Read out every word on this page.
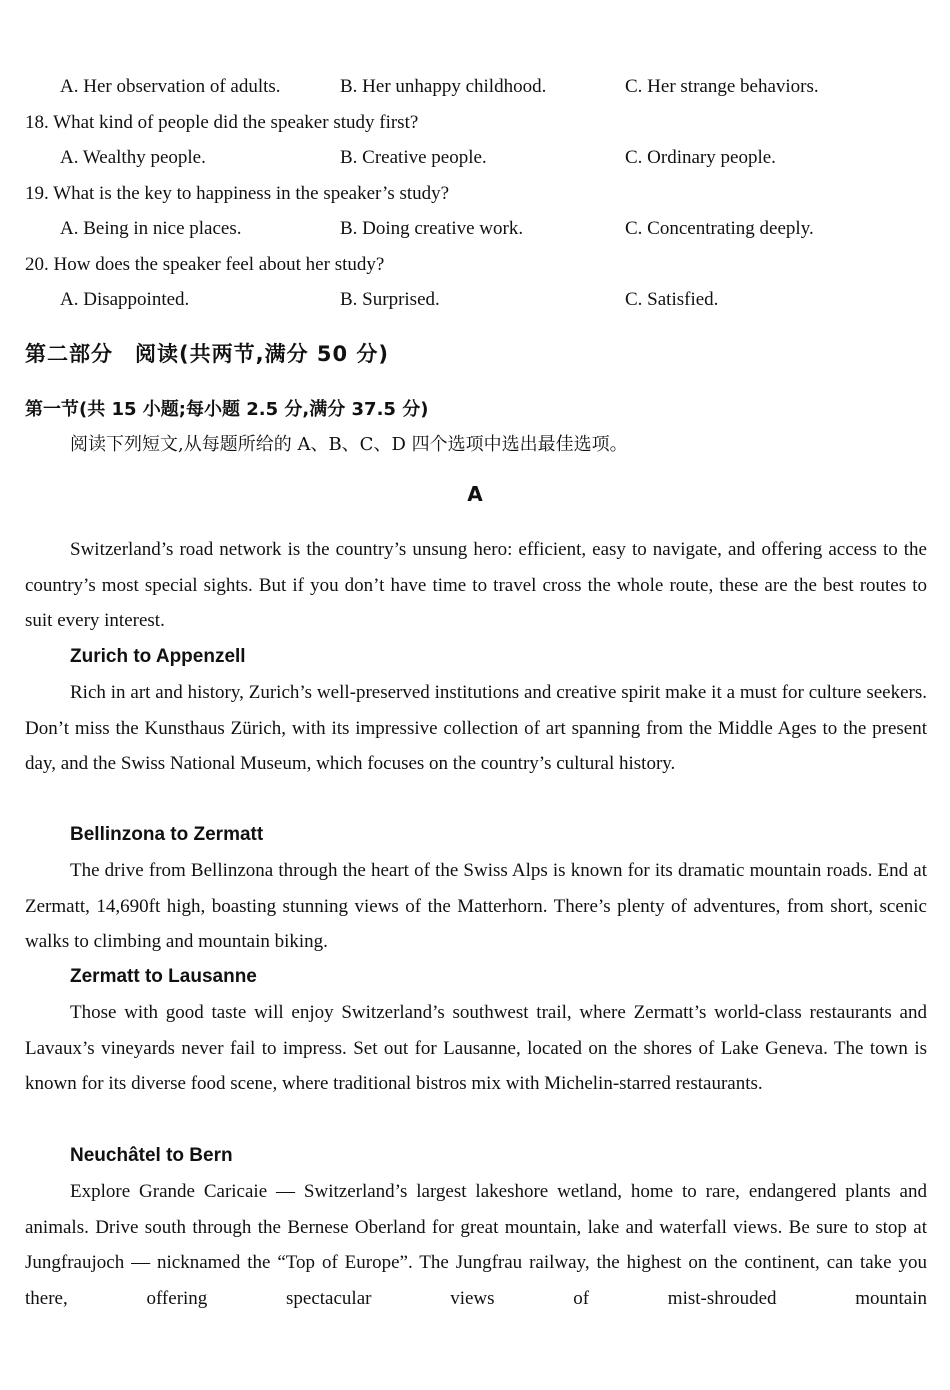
A. Her observation of adults.	B. Her unhappy childhood.	C. Her strange behaviors.
18. What kind of people did the speaker study first?
A. Wealthy people.	B. Creative people.	C. Ordinary people.
19. What is the key to happiness in the speaker’s study?
A. Being in nice places.	B. Doing creative work.	C. Concentrating deeply.
20. How does the speaker feel about her study?
A. Disappointed.	B. Surprised.	C. Satisfied.
第二部分　阅读(共两节,满分 50 分)
第一节(共 15 小题;每小题 2.5 分,满分 37.5 分)
阅读下列短文,从每题所给的 A、B、C、D 四个选项中选出最佳选项。
A
Switzerland’s road network is the country’s unsung hero: efficient, easy to navigate, and offering access to the country’s most special sights. But if you don’t have time to travel cross the whole route, these are the best routes to suit every interest.
Zurich to Appenzell
Rich in art and history, Zurich’s well-preserved institutions and creative spirit make it a must for culture seekers. Don’t miss the Kunsthaus Zürich, with its impressive collection of art spanning from the Middle Ages to the present day, and the Swiss National Museum, which focuses on the country’s cultural history.
Bellinzona to Zermatt
The drive from Bellinzona through the heart of the Swiss Alps is known for its dramatic mountain roads. End at Zermatt, 14,690ft high, boasting stunning views of the Matterhorn. There’s plenty of adventures, from short, scenic walks to climbing and mountain biking.
Zermatt to Lausanne
Those with good taste will enjoy Switzerland’s southwest trail, where Zermatt’s world-class restaurants and Lavaux’s vineyards never fail to impress. Set out for Lausanne, located on the shores of Lake Geneva. The town is known for its diverse food scene, where traditional bistros mix with Michelin-starred restaurants.
Neuchâtel to Bern
Explore Grande Caricaie — Switzerland’s largest lakeshore wetland, home to rare, endangered plants and animals. Drive south through the Bernese Oberland for great mountain, lake and waterfall views. Be sure to stop at Jungfraujoch — nicknamed the “Top of Europe”. The Jungfrau railway, the highest on the continent, can take you there, offering spectacular views of mist-shrouded mountain
